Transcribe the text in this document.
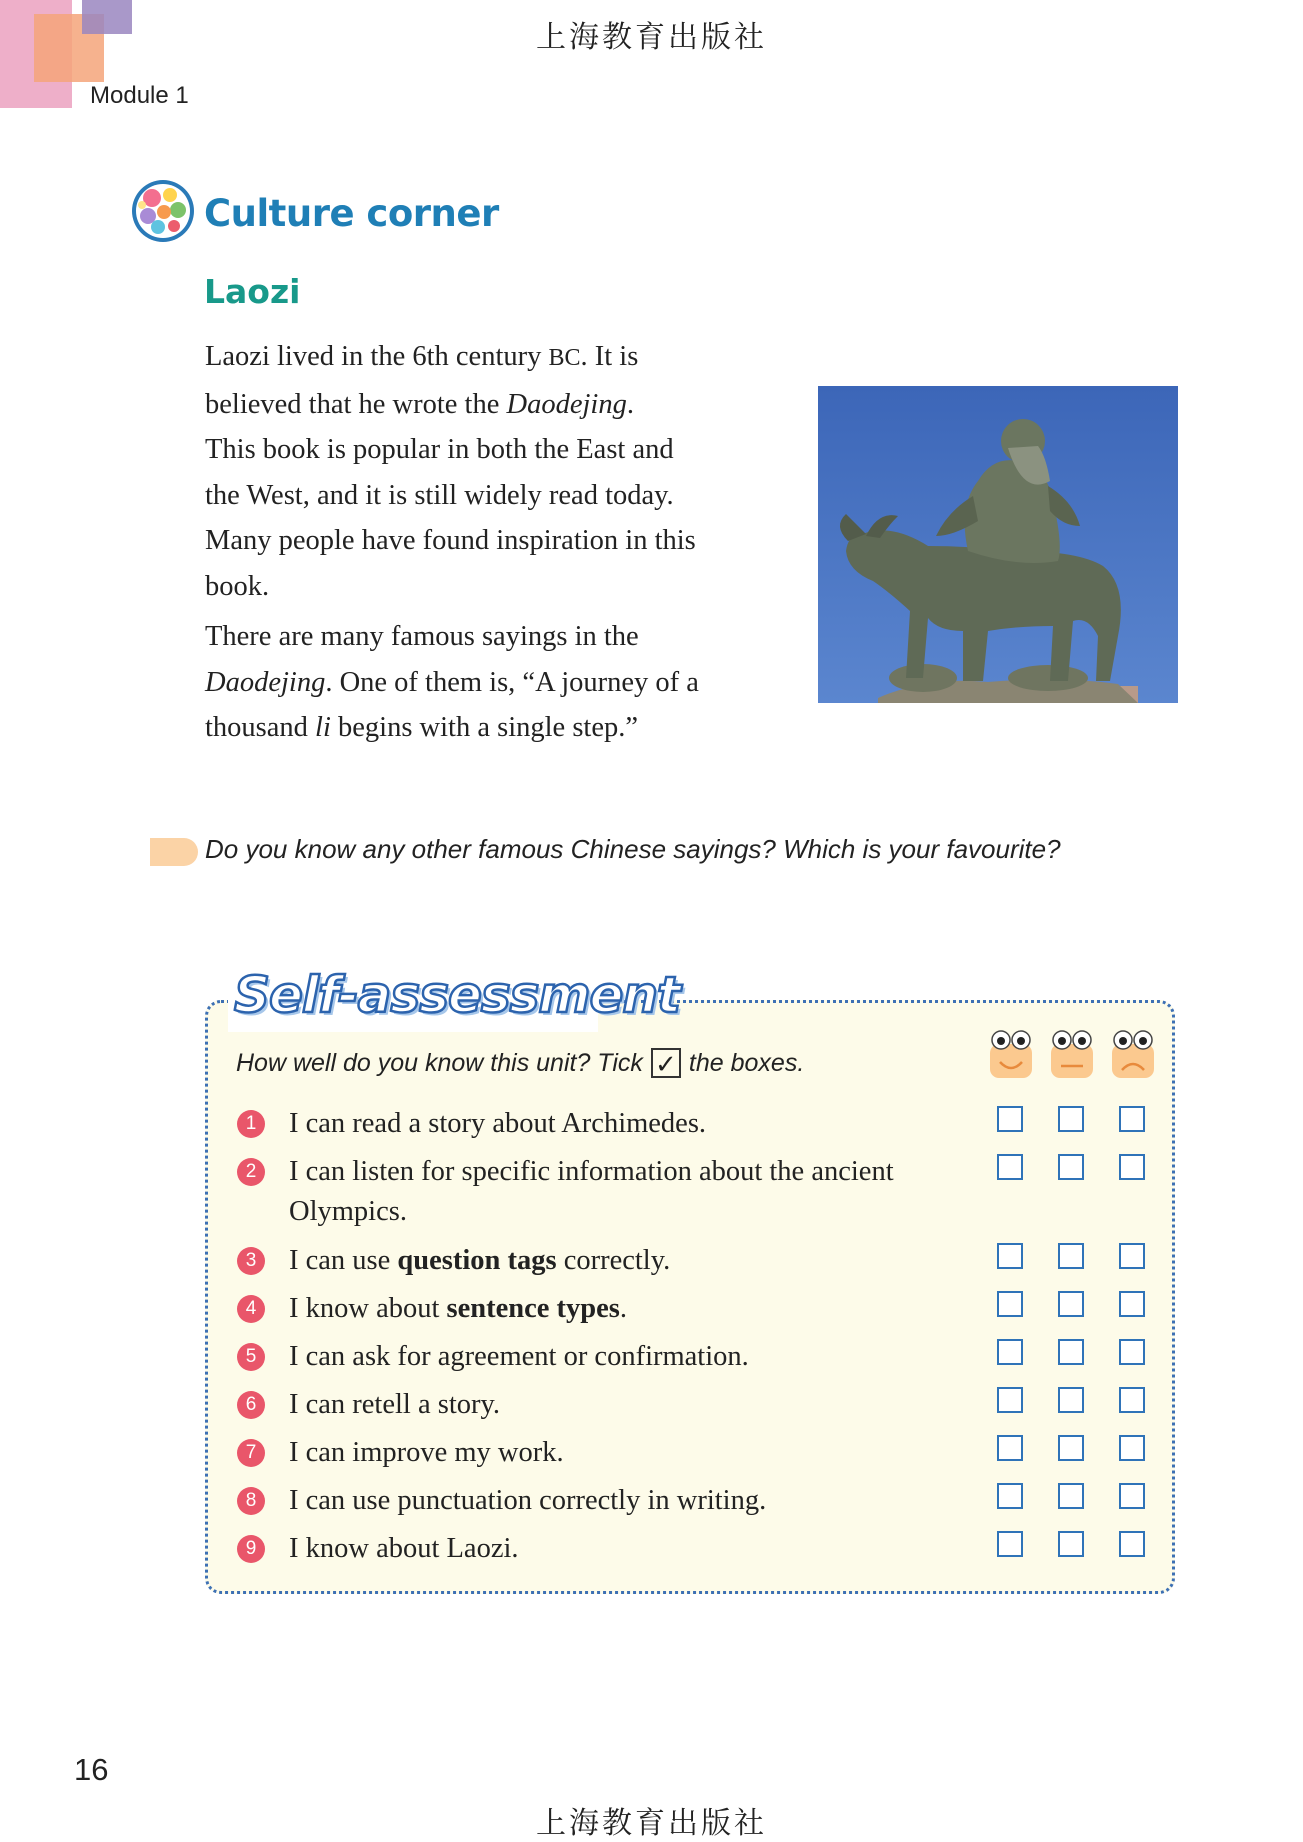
上海教育出版社
Module 1
Culture corner
Laozi
Laozi lived in the 6th century BC. It is
believed that he wrote the Daodejing.
This book is popular in both the East and
the West, and it is still widely read today.
Many people have found inspiration in this
book.
There are many famous sayings in the
Daodejing. One of them is, “A journey of a
thousand li begins with a single step.”
Do you know any other famous Chinese sayings? Which is your favourite?
Self-assessment
How well do you know this unit? Tick ✓ the boxes.
1	I can read a story about Archimedes.
2	I can listen for specific information about the ancient Olympics.
3	I can use question tags correctly.
4	I know about sentence types.
5	I can ask for agreement or confirmation.
6	I can retell a story.
7	I can improve my work.
8	I can use punctuation correctly in writing.
9	I know about Laozi.
16
上海教育出版社
